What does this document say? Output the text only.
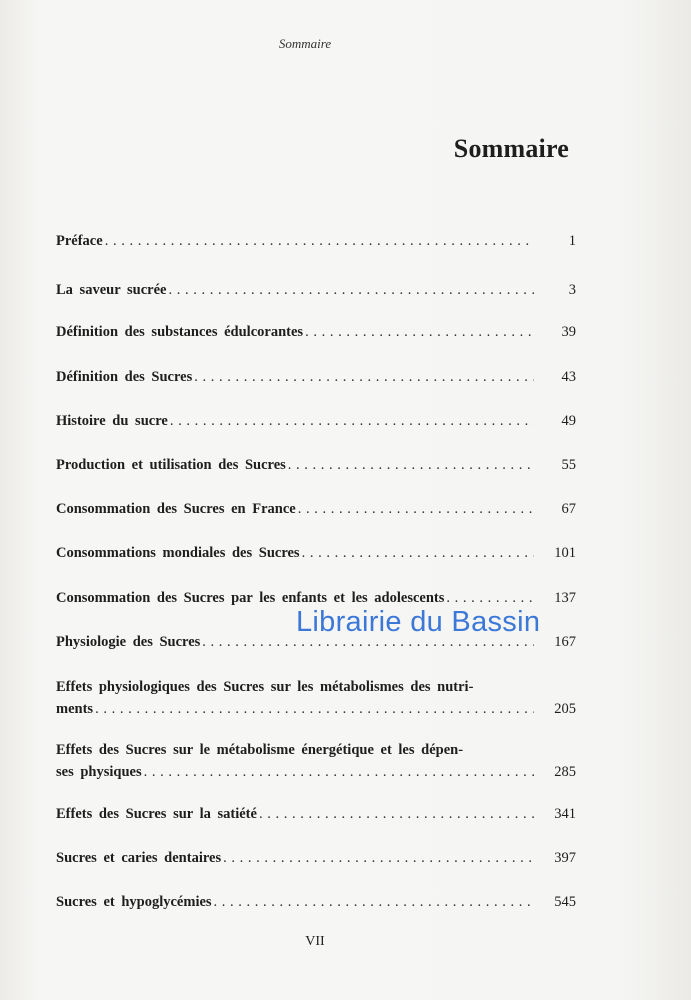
Sommaire
Sommaire
Préface . . .	1
La saveur sucrée . . .	3
Définition des substances édulcorantes . . .	39
Définition des Sucres . . .	43
Histoire du sucre . . .	49
Production et utilisation des Sucres . . .	55
Consommation des Sucres en France . . .	67
Consommations mondiales des Sucres . . .	101
Consommation des Sucres par les enfants et les adolescents . . .	137
Physiologie des Sucres . . .	167
Effets physiologiques des Sucres sur les métabolismes des nutri-
ments . . .	205
Effets des Sucres sur le métabolisme énergétique et les dépen-
ses physiques . . .	285
Effets des Sucres sur la satiété . . .	341
Sucres et caries dentaires . . .	397
Sucres et hypoglycémies . . .	545
Librairie du Bassin
VII
